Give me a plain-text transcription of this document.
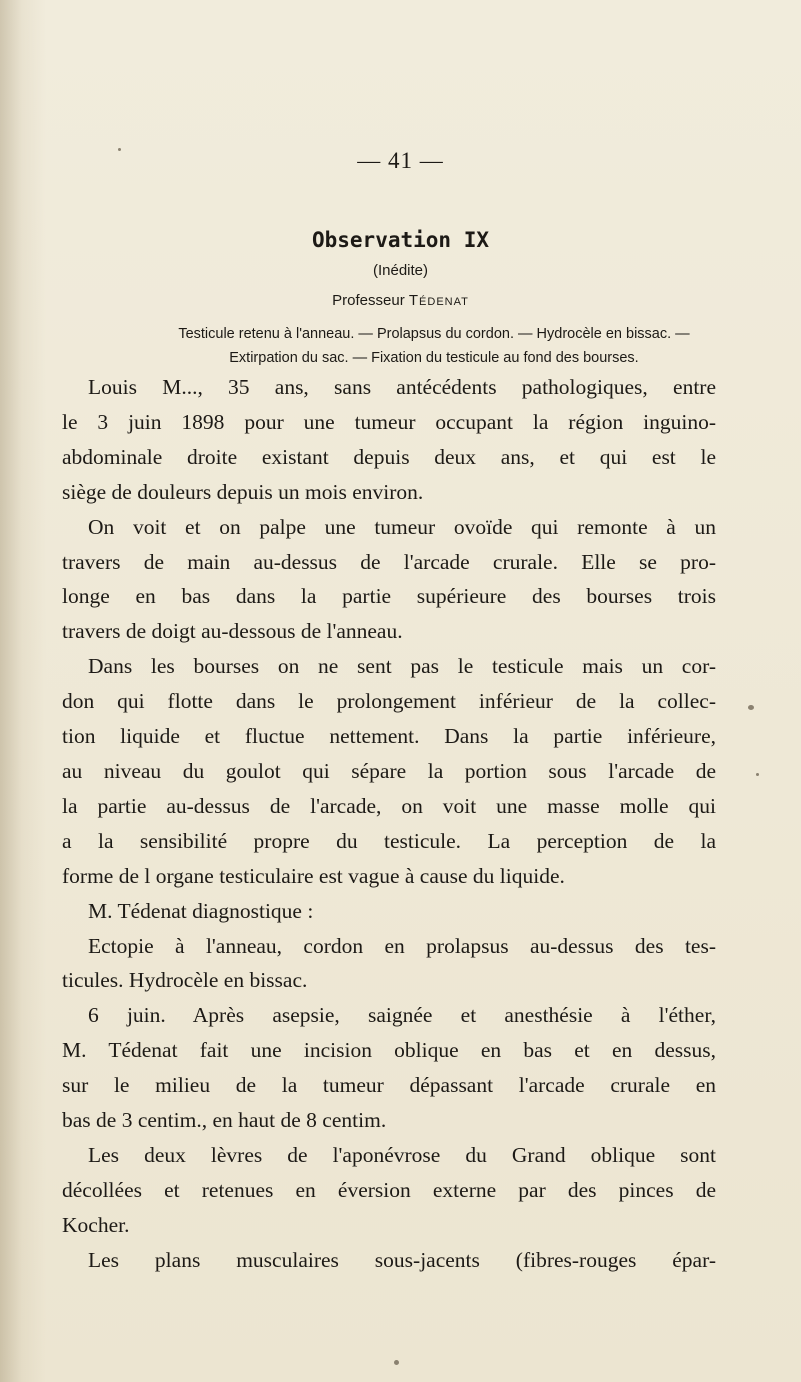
— 41 —
Observation IX
(Inédite)
Professeur Tédenat
Testicule retenu à l'anneau. — Prolapsus du cordon. — Hydrocèle en bissac. —
Extirpation du sac. — Fixation du testicule au fond des bourses.
Louis M..., 35 ans, sans antécédents pathologiques, entre
le 3 juin 1898 pour une tumeur occupant la région inguino-
abdominale droite existant depuis deux ans, et qui est le
siège de douleurs depuis un mois environ.
On voit et on palpe une tumeur ovoïde qui remonte à un
travers de main au-dessus de l'arcade crurale. Elle se pro-
longe en bas dans la partie supérieure des bourses trois
travers de doigt au-dessous de l'anneau.
Dans les bourses on ne sent pas le testicule mais un cor-
don qui flotte dans le prolongement inférieur de la collec-
tion liquide et fluctue nettement. Dans la partie inférieure,
au niveau du goulot qui sépare la portion sous l'arcade de
la partie au-dessus de l'arcade, on voit une masse molle qui
a la sensibilité propre du testicule. La perception de la
forme de l organe testiculaire est vague à cause du liquide.
M. Tédenat diagnostique :
Ectopie à l'anneau, cordon en prolapsus au-dessus des tes-
ticules. Hydrocèle en bissac.
6 juin. Après asepsie, saignée et anesthésie à l'éther,
M. Tédenat fait une incision oblique en bas et en dessus,
sur le milieu de la tumeur dépassant l'arcade crurale en
bas de 3 centim., en haut de 8 centim.
Les deux lèvres de l'aponévrose du Grand oblique sont
décollées et retenues en éversion externe par des pinces de
Kocher.
Les plans musculaires sous-jacents (fibres-rouges épar-
